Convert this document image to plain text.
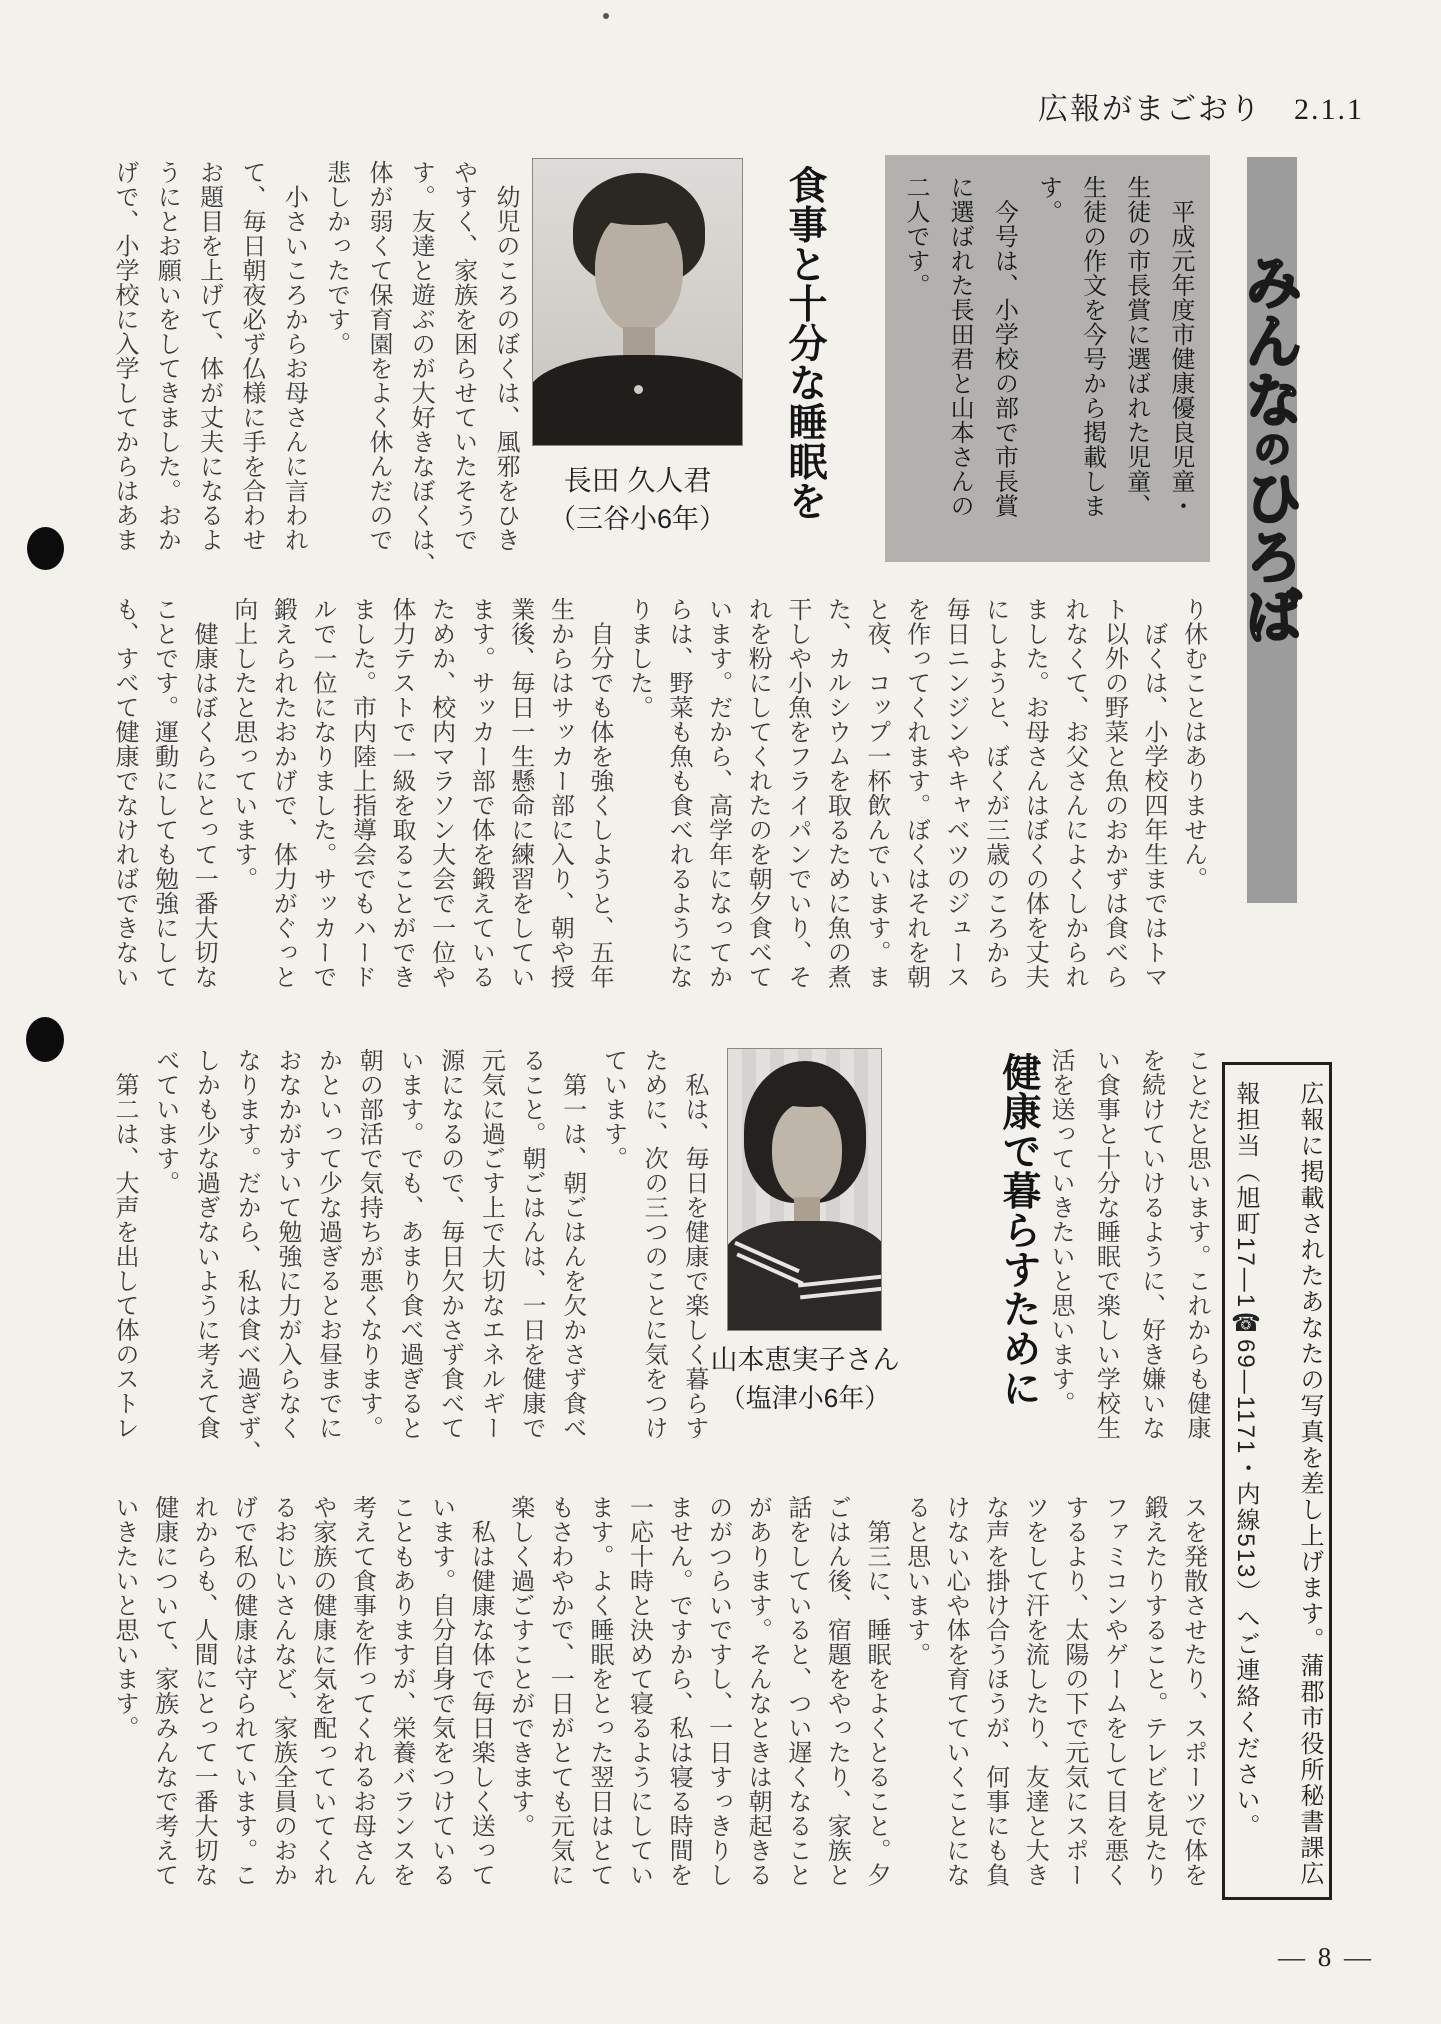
広報がまごおり　2.1.1
みんなのひろば
　平成元年度市健康優良児童・
生徒の市長賞に選ばれた児童、
生徒の作文を今号から掲載しま
す。
　今号は、小学校の部で市長賞
に選ばれた長田君と山本さんの
二人です。
食事と十分な睡眠を
長田 久人君
（三谷小6年）
　幼児のころのぼくは、風邪をひき
やすく、家族を困らせていたそうで
す。友達と遊ぶのが大好きなぼくは、
体が弱くて保育園をよく休んだので
悲しかったです。
　小さいころからお母さんに言われ
て、毎日朝夜必ず仏様に手を合わせ
お題目を上げて、体が丈夫になるよ
うにとお願いをしてきました。おか
げで、小学校に入学してからはあま
り休むことはありません。
　ぼくは、小学校四年生まではトマ
ト以外の野菜と魚のおかずは食べら
れなくて、お父さんによくしかられ
ました。お母さんはぼくの体を丈夫
にしようと、ぼくが三歳のころから
毎日ニンジンやキャベツのジュース
を作ってくれます。ぼくはそれを朝
と夜、コップ一杯飲んでいます。ま
た、カルシウムを取るために魚の煮
干しや小魚をフライパンでいり、そ
れを粉にしてくれたのを朝夕食べて
います。だから、高学年になってか
らは、野菜も魚も食べれるようにな
りました。
　自分でも体を強くしようと、五年
生からはサッカー部に入り、朝や授
業後、毎日一生懸命に練習をしてい
ます。サッカー部で体を鍛えている
ためか、校内マラソン大会で一位や
体力テストで一級を取ることができ
ました。市内陸上指導会でもハード
ルで一位になりました。サッカーで
鍛えられたおかげで、体力がぐっと
向上したと思っています。
　健康はぼくらにとって一番大切な
ことです。運動にしても勉強にして
も、すべて健康でなければできない
ことだと思います。これからも健康
を続けていけるように、好き嫌いな
い食事と十分な睡眠で楽しい学校生
活を送っていきたいと思います。
健康で暮らすために
山本恵実子さん
（塩津小6年）
　私は、毎日を健康で楽しく暮らす
ために、次の三つのことに気をつけ
ています。
　第一は、朝ごはんを欠かさず食べ
ること。朝ごはんは、一日を健康で
元気に過ごす上で大切なエネルギー
源になるので、毎日欠かさず食べて
います。でも、あまり食べ過ぎると
朝の部活で気持ちが悪くなります。
かといって少な過ぎるとお昼までに
おなかがすいて勉強に力が入らなく
なります。だから、私は食べ過ぎず、
しかも少な過ぎないように考えて食
べています。
　第二は、大声を出して体のストレ
スを発散させたり、スポーツで体を
鍛えたりすること。テレビを見たり
ファミコンやゲームをして目を悪く
するより、太陽の下で元気にスポー
ツをして汗を流したり、友達と大き
な声を掛け合うほうが、何事にも負
けない心や体を育てていくことにな
ると思います。
　第三に、睡眠をよくとること。夕
ごはん後、宿題をやったり、家族と
話をしていると、つい遅くなること
があります。そんなときは朝起きる
のがつらいですし、一日すっきりし
ません。ですから、私は寝る時間を
一応十時と決めて寝るようにしてい
ます。よく睡眠をとった翌日はとて
もさわやかで、一日がとても元気に
楽しく過ごすことができます。
　私は健康な体で毎日楽しく送って
います。自分自身で気をつけている
こともありますが、栄養バランスを
考えて食事を作ってくれるお母さん
や家族の健康に気を配っていてくれ
るおじいさんなど、家族全員のおか
げで私の健康は守られています。こ
れからも、人間にとって一番大切な
健康について、家族みんなで考えて
いきたいと思います。	広報に掲載されたあなたの写真を差し上げます。蒲郡市役所秘書課広
報担当（旭町17—1☎69—1171・内線513）へご連絡ください。
― 8 ―
